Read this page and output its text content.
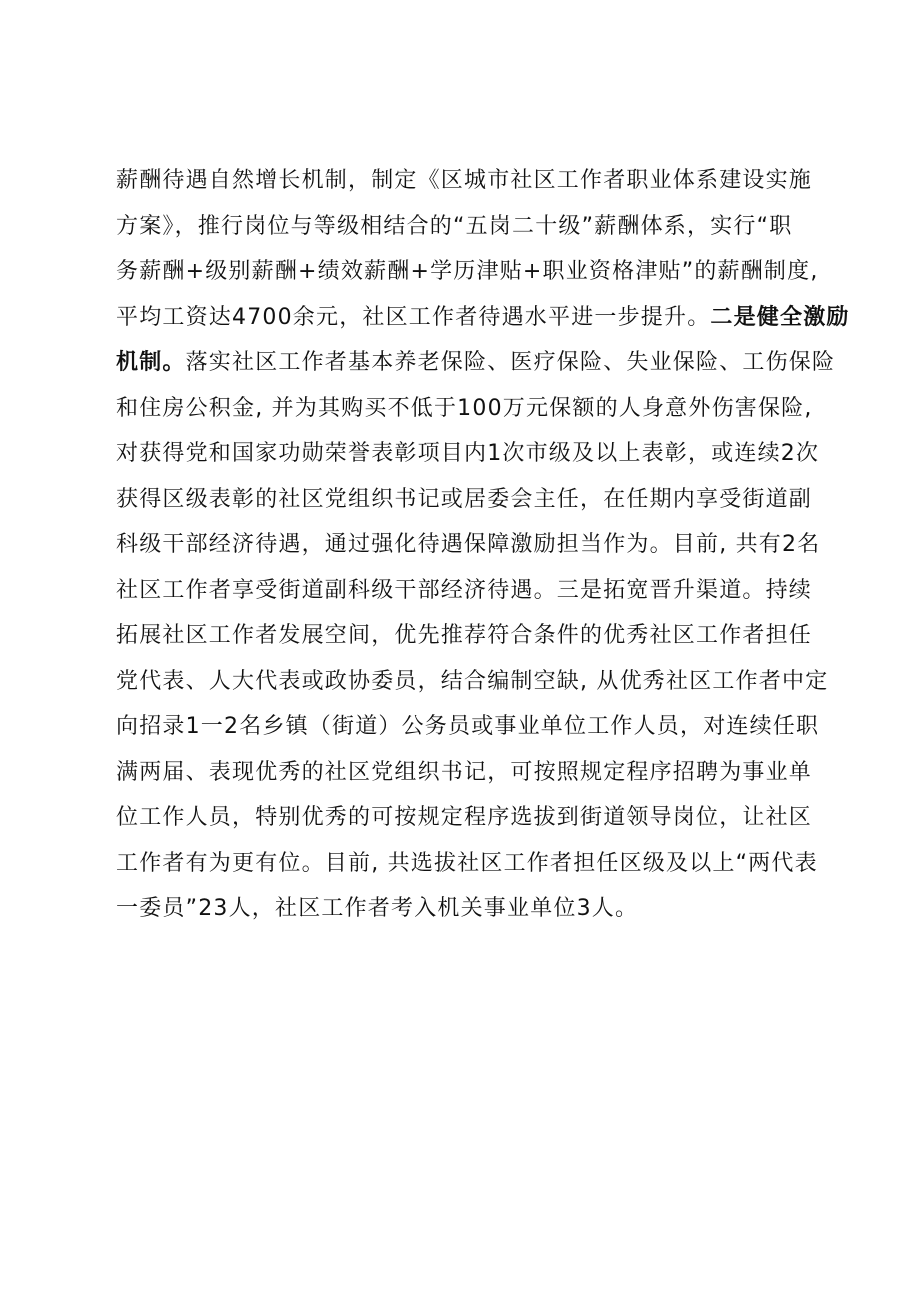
薪酬待遇自然增长机制，制定《区城市社区工作者职业体系建设实施
方案》，推行岗位与等级相结合的“五岗二十级”薪酬体系，实行“职
务薪酬+级别薪酬+绩效薪酬+学历津贴+职业资格津贴”的薪酬制度,
平均工资达4700余元，社区工作者待遇水平进一步提升。二是健全激励
机制。落实社区工作者基本养老保险、医疗保险、失业保险、工伤保险
和住房公积金, 并为其购买不低于100万元保额的人身意外伤害保险,
对获得党和国家功勋荣誉表彰项目内1次市级及以上表彰，或连续2次
获得区级表彰的社区党组织书记或居委会主任，在任期内享受街道副
科级干部经济待遇，通过强化待遇保障激励担当作为。目前, 共有2名
社区工作者享受街道副科级干部经济待遇。三是拓宽晋升渠道。持续
拓展社区工作者发展空间，优先推荐符合条件的优秀社区工作者担任
党代表、人大代表或政协委员，结合编制空缺, 从优秀社区工作者中定
向招录1一2名乡镇（街道）公务员或事业单位工作人员，对连续任职
满两届、表现优秀的社区党组织书记，可按照规定程序招聘为事业单
位工作人员，特别优秀的可按规定程序选拔到街道领导岗位，让社区
工作者有为更有位。目前, 共选拔社区工作者担任区级及以上“两代表
一委员”23人，社区工作者考入机关事业单位3人。
